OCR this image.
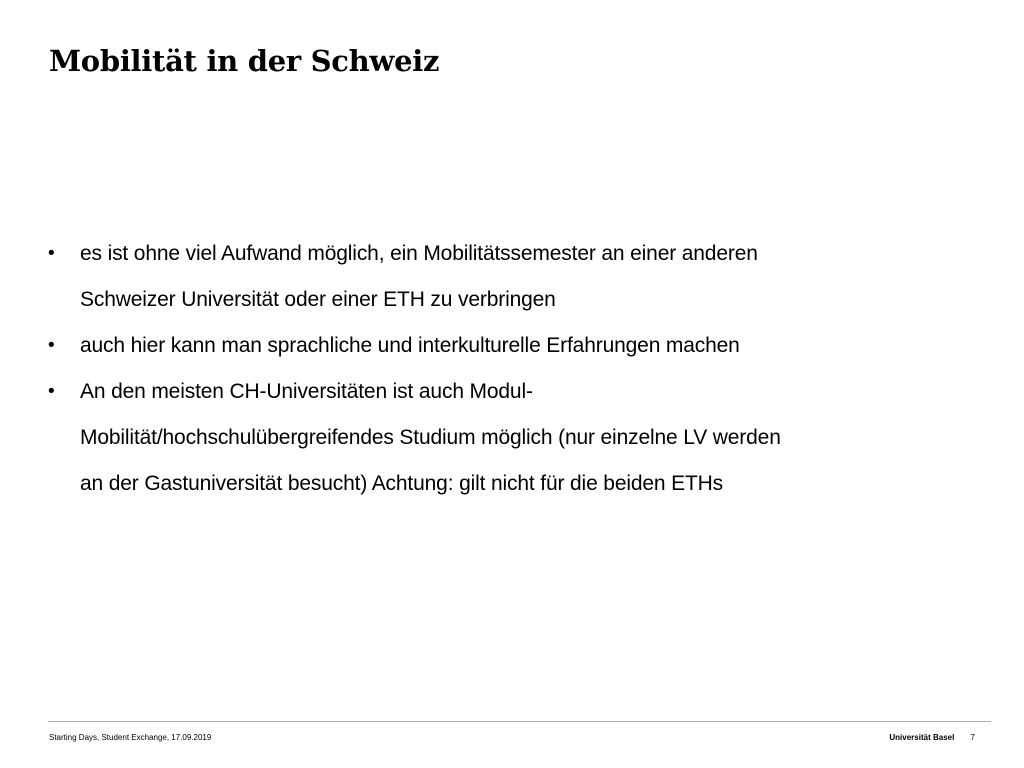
Mobilität in der Schweiz
•	es ist ohne viel Aufwand möglich, ein Mobilitätssemester an einer anderen
Schweizer Universität oder einer ETH zu verbringen
•	auch hier kann man sprachliche und interkulturelle Erfahrungen machen
•	An den meisten CH-Universitäten ist auch Modul-
Mobilität/hochschulübergreifendes Studium möglich (nur einzelne LV werden
an der Gastuniversität besucht) Achtung: gilt nicht für die beiden ETHs
Starting Days, Student Exchange, 17.09.2019	Universität Basel 7
